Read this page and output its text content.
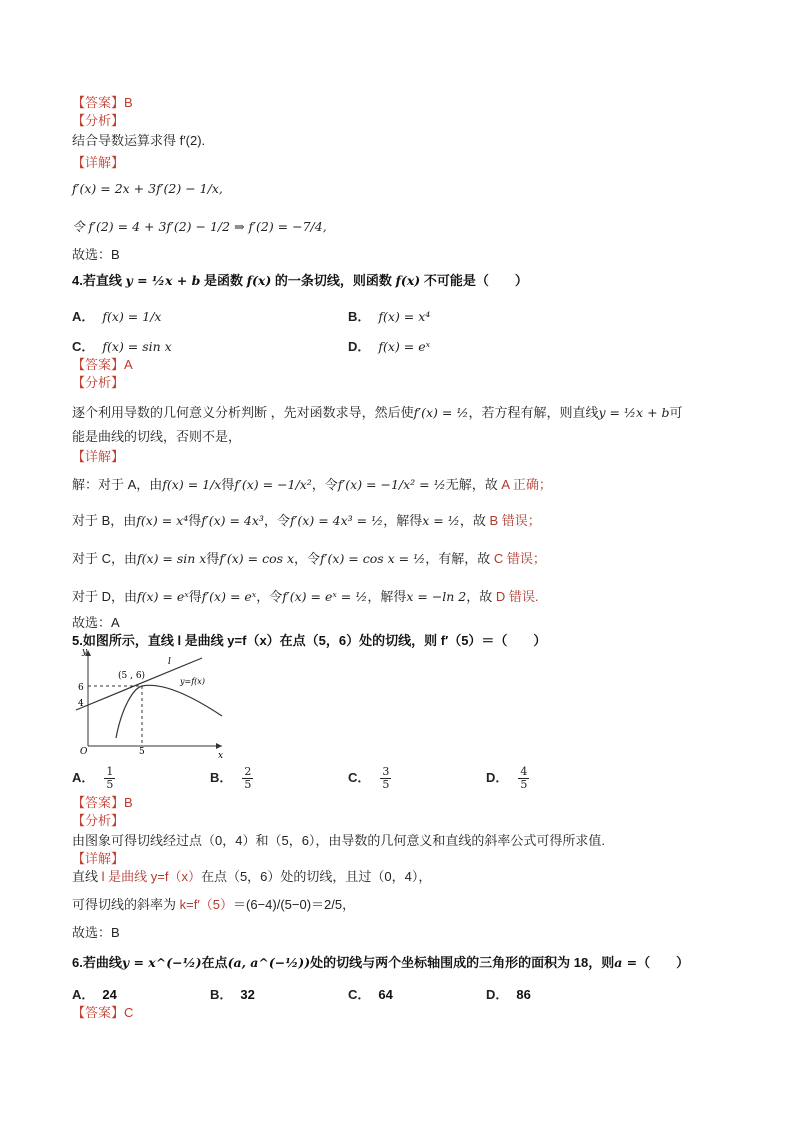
【答案】B
【分析】
结合导数运算求得 f′(2).
【详解】
f′(x) = 2x + 3f′(2) − 1/x,
令 f′(2) = 4 + 3f′(2) − 1/2 ⇒ f′(2) = −7/4,
故选：B
4.若直线 y = ½x + b 是函数 f(x) 的一条切线，则函数 f(x) 不可能是（　　）
A． f(x) = 1/x	B． f(x) = x⁴
C． f(x) = sin x	D． f(x) = eˣ
【答案】A
【分析】
逐个利用导数的几何意义分析判断 ，先对函数求导，然后使f′(x) = ½，若方程有解，则直线y = ½x + b可
能是曲线的切线，否则不是，
【详解】
解：对于 A，由f(x) = 1/x得f′(x) = −1/x²，令f′(x) = −1/x² = ½无解，故 A 正确；
对于 B，由f(x) = x⁴得f′(x) = 4x³，令f′(x) = 4x³ = ½，解得x = ½，故 B 错误；
对于 C，由f(x) = sin x得f′(x) = cos x，令f′(x) = cos x = ½，有解，故 C 错误；
对于 D，由f(x) = eˣ得f′(x) = eˣ，令f′(x) = eˣ = ½，解得x = −ln 2，故 D 错误.
故选：A
5.如图所示，直线 l 是曲线 y=f（x）在点（5，6）处的切线，则 f′（5）＝（　　）
y
x
O
6
4
5
(5 , 6)
l
y=f(x)
A． $\frac{1}{5}$	B． $\frac{2}{5}$	C． $\frac{3}{5}$	D． $\frac{4}{5}$
【答案】B
【分析】
由图象可得切线经过点（0，4）和（5，6），由导数的几何意义和直线的斜率公式可得所求值.
【详解】
直线 l 是曲线 y=f（x）在点（5，6）处的切线，且过（0，4），
可得切线的斜率为 k=f′（5）＝(6−4)/(5−0)＝2/5，
故选：B
6.若曲线y = x^(−½)在点(a, a^(−½))处的切线与两个坐标轴围成的三角形的面积为 18，则a =（　　）
A． 24	B． 32	C． 64	D． 86
【答案】C
